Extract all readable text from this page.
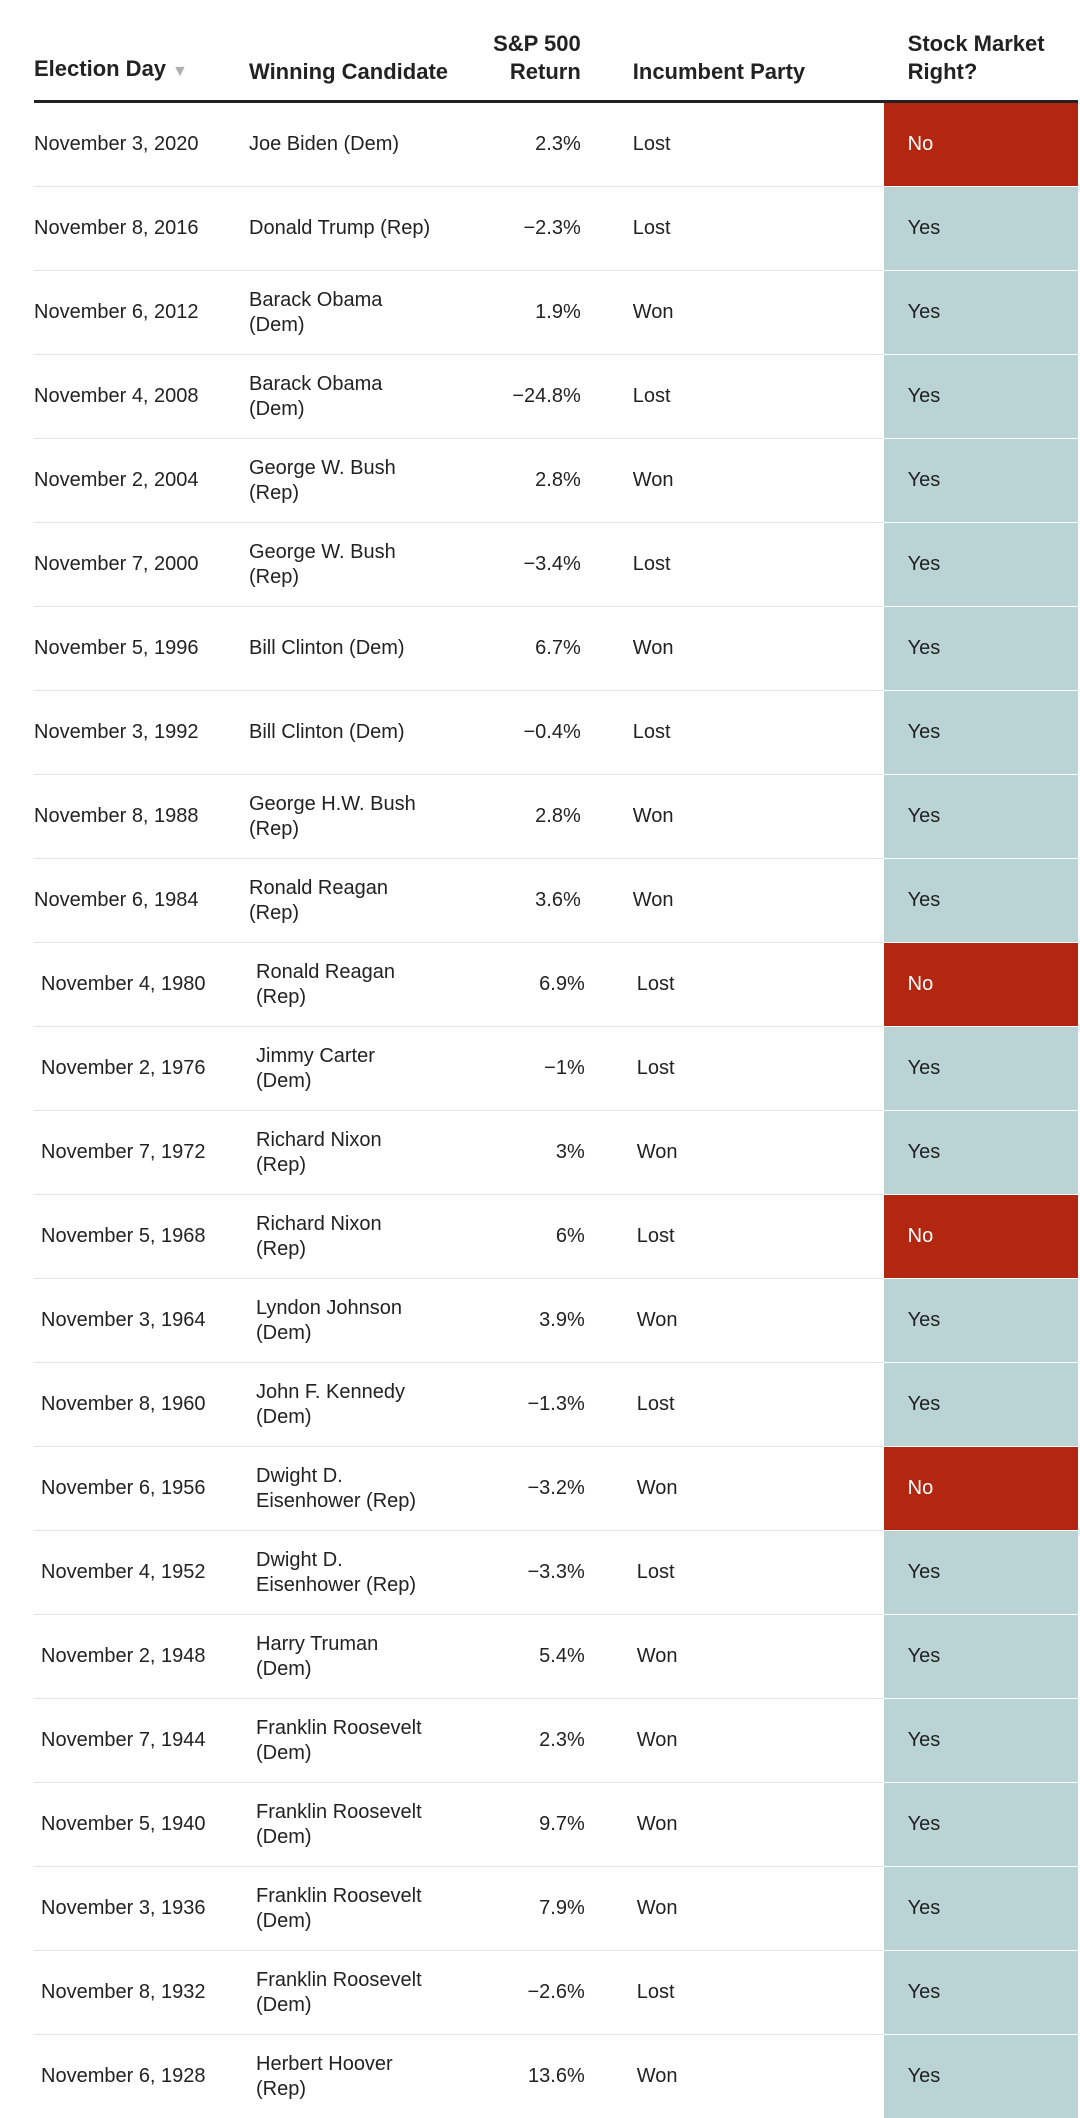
Election Day ▼	Winning Candidate	S&P 500 Return	Incumbent Party	Stock Market Right?
November 3, 2020	Joe Biden (Dem)	2.3%	Lost	No
November 8, 2016	Donald Trump (Rep)	−2.3%	Lost	Yes
November 6, 2012	Barack Obama (Dem)	1.9%	Won	Yes
November 4, 2008	Barack Obama (Dem)	−24.8%	Lost	Yes
November 2, 2004	George W. Bush (Rep)	2.8%	Won	Yes
November 7, 2000	George W. Bush (Rep)	−3.4%	Lost	Yes
November 5, 1996	Bill Clinton (Dem)	6.7%	Won	Yes
November 3, 1992	Bill Clinton (Dem)	−0.4%	Lost	Yes
November 8, 1988	George H.W. Bush (Rep)	2.8%	Won	Yes
November 6, 1984	Ronald Reagan (Rep)	3.6%	Won	Yes
November 4, 1980	Ronald Reagan (Rep)	6.9%	Lost	No
November 2, 1976	Jimmy Carter (Dem)	−1%	Lost	Yes
November 7, 1972	Richard Nixon (Rep)	3%	Won	Yes
November 5, 1968	Richard Nixon (Rep)	6%	Lost	No
November 3, 1964	Lyndon Johnson (Dem)	3.9%	Won	Yes
November 8, 1960	John F. Kennedy (Dem)	−1.3%	Lost	Yes
November 6, 1956	Dwight D. Eisenhower (Rep)	−3.2%	Won	No
November 4, 1952	Dwight D. Eisenhower (Rep)	−3.3%	Lost	Yes
November 2, 1948	Harry Truman (Dem)	5.4%	Won	Yes
November 7, 1944	Franklin Roosevelt (Dem)	2.3%	Won	Yes
November 5, 1940	Franklin Roosevelt (Dem)	9.7%	Won	Yes
November 3, 1936	Franklin Roosevelt (Dem)	7.9%	Won	Yes
November 8, 1932	Franklin Roosevelt (Dem)	−2.6%	Lost	Yes
November 6, 1928	Herbert Hoover (Rep)	13.6%	Won	Yes
